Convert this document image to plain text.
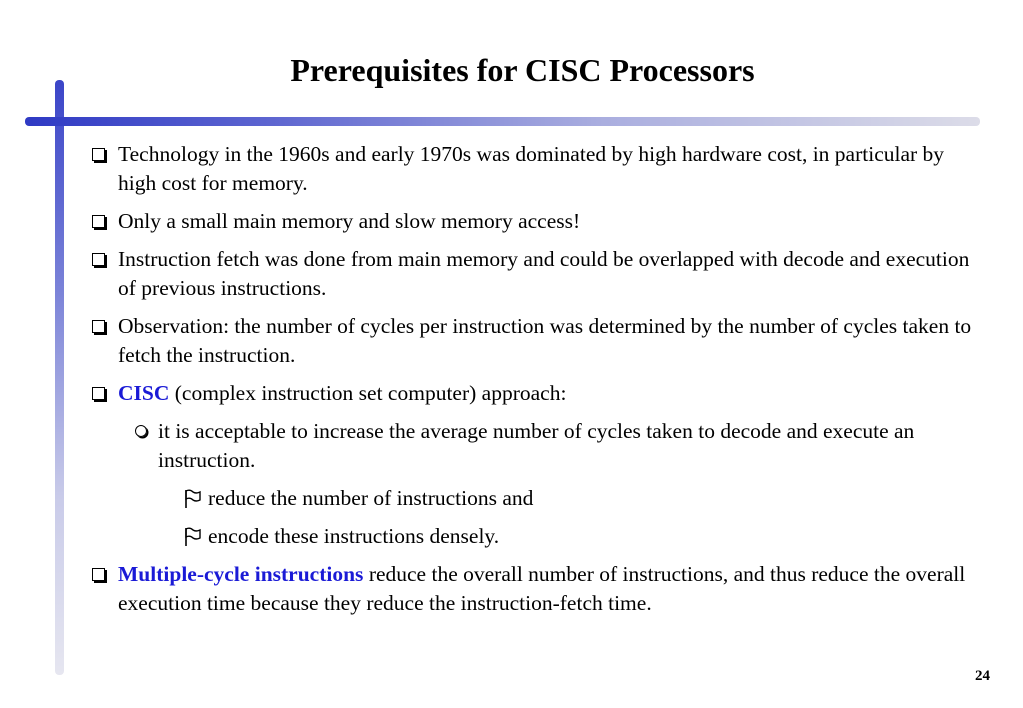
Prerequisites for CISC Processors
Technology in the 1960s and early 1970s was dominated by high hardware cost, in particular by high cost for memory.
Only a small main memory and slow memory access!
Instruction fetch was done from main memory and could be overlapped with decode and execution of previous instructions.
Observation: the number of cycles per instruction was determined by the number of cycles taken to fetch the instruction.
CISC (complex instruction set computer) approach:
it is acceptable to increase the average number of cycles taken to decode and execute an instruction.
reduce the number of instructions and
encode these instructions densely.
Multiple-cycle instructions reduce the overall number of instructions, and thus reduce the overall execution time because they reduce the instruction-fetch time.
24
